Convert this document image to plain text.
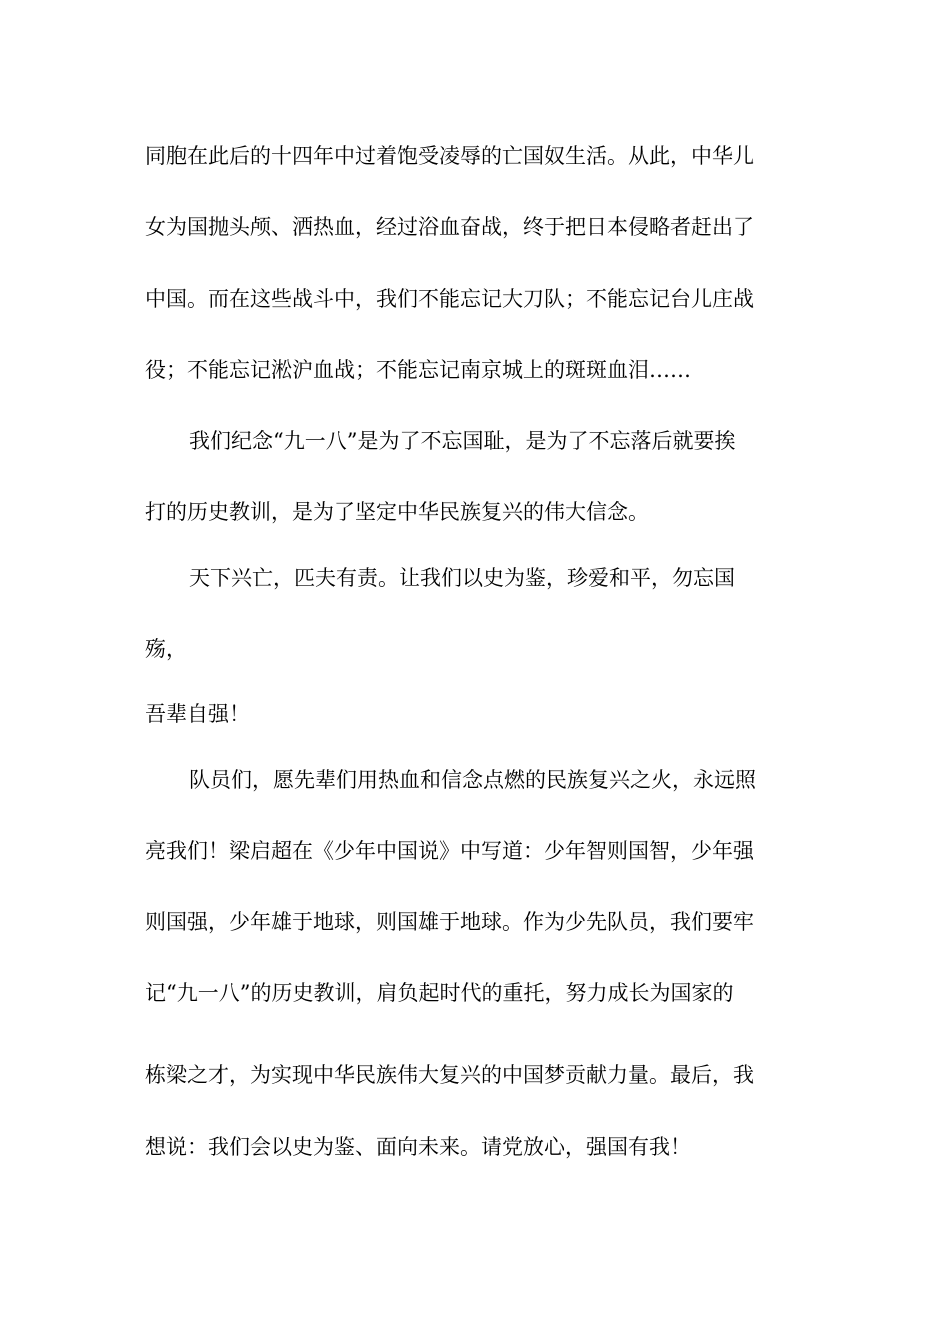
同胞在此后的十四年中过着饱受凌辱的亡国奴生活。从此，中华儿
女为国抛头颅、洒热血，经过浴血奋战，终于把日本侵略者赶出了
中国。而在这些战斗中，我们不能忘记大刀队；不能忘记台儿庄战
役；不能忘记淞沪血战；不能忘记南京城上的斑斑血泪……
我们纪念“九一八”是为了不忘国耻，是为了不忘落后就要挨
打的历史教训，是为了坚定中华民族复兴的伟大信念。
天下兴亡，匹夫有责。让我们以史为鉴，珍爱和平，勿忘国
殇，
吾辈自强！
队员们，愿先辈们用热血和信念点燃的民族复兴之火，永远照
亮我们！梁启超在《少年中国说》中写道：少年智则国智，少年强
则国强，少年雄于地球，则国雄于地球。作为少先队员，我们要牢
记“九一八”的历史教训，肩负起时代的重托，努力成长为国家的
栋梁之才，为实现中华民族伟大复兴的中国梦贡献力量。最后，我
想说：我们会以史为鉴、面向未来。请党放心，强国有我！
